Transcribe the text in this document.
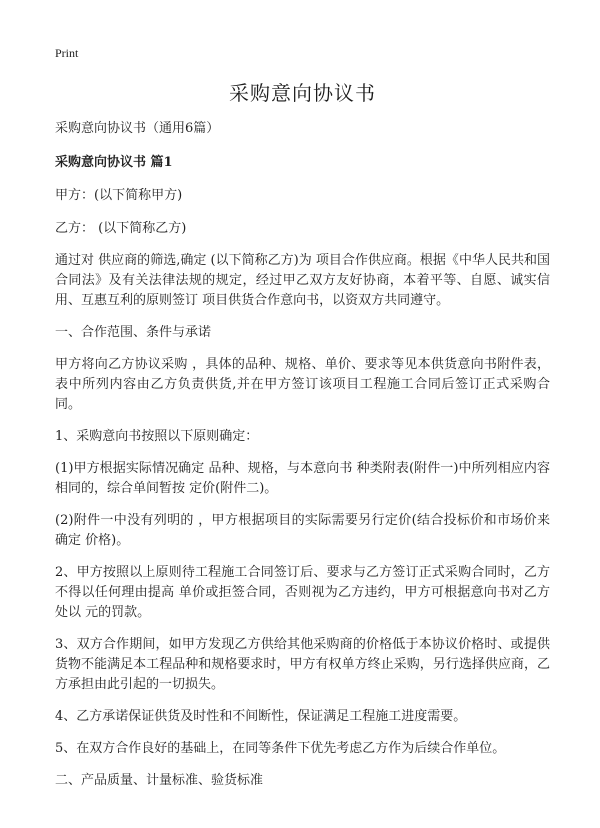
Print

采购意向协议书

采购意向协议书（通用6篇）

采购意向协议书 篇1

甲方：(以下简称甲方)

乙方： (以下简称乙方)

通过对 供应商的筛选,确定 (以下简称乙方)为 项目合作供应商。根据《中华人民共和国合同法》及有关法律法规的规定，经过甲乙双方友好协商，本着平等、自愿、诚实信用、互惠互利的原则签订 项目供货合作意向书，以资双方共同遵守。

一、合作范围、条件与承诺

甲方将向乙方协议采购 ，具体的品种、规格、单价、要求等见本供货意向书附件表，表中所列内容由乙方负责供货,并在甲方签订该项目工程施工合同后签订正式采购合同。

1、采购意向书按照以下原则确定：

(1)甲方根据实际情况确定 品种、规格，与本意向书 种类附表(附件一)中所列相应内容相同的，综合单间暂按 定价(附件二)。

(2)附件一中没有列明的 ，甲方根据项目的实际需要另行定价(结合投标价和市场价来确定 价格)。

2、甲方按照以上原则待工程施工合同签订后、要求与乙方签订正式采购合同时，乙方不得以任何理由提高 单价或拒签合同，否则视为乙方违约，甲方可根据意向书对乙方处以 元的罚款。

3、双方合作期间，如甲方发现乙方供给其他采购商的价格低于本协议价格时、或提供货物不能满足本工程品种和规格要求时，甲方有权单方终止采购，另行选择供应商，乙方承担由此引起的一切损失。

4、乙方承诺保证供货及时性和不间断性，保证满足工程施工进度需要。

5、在双方合作良好的基础上，在同等条件下优先考虑乙方作为后续合作单位。

二、产品质量、计量标准、验货标准
